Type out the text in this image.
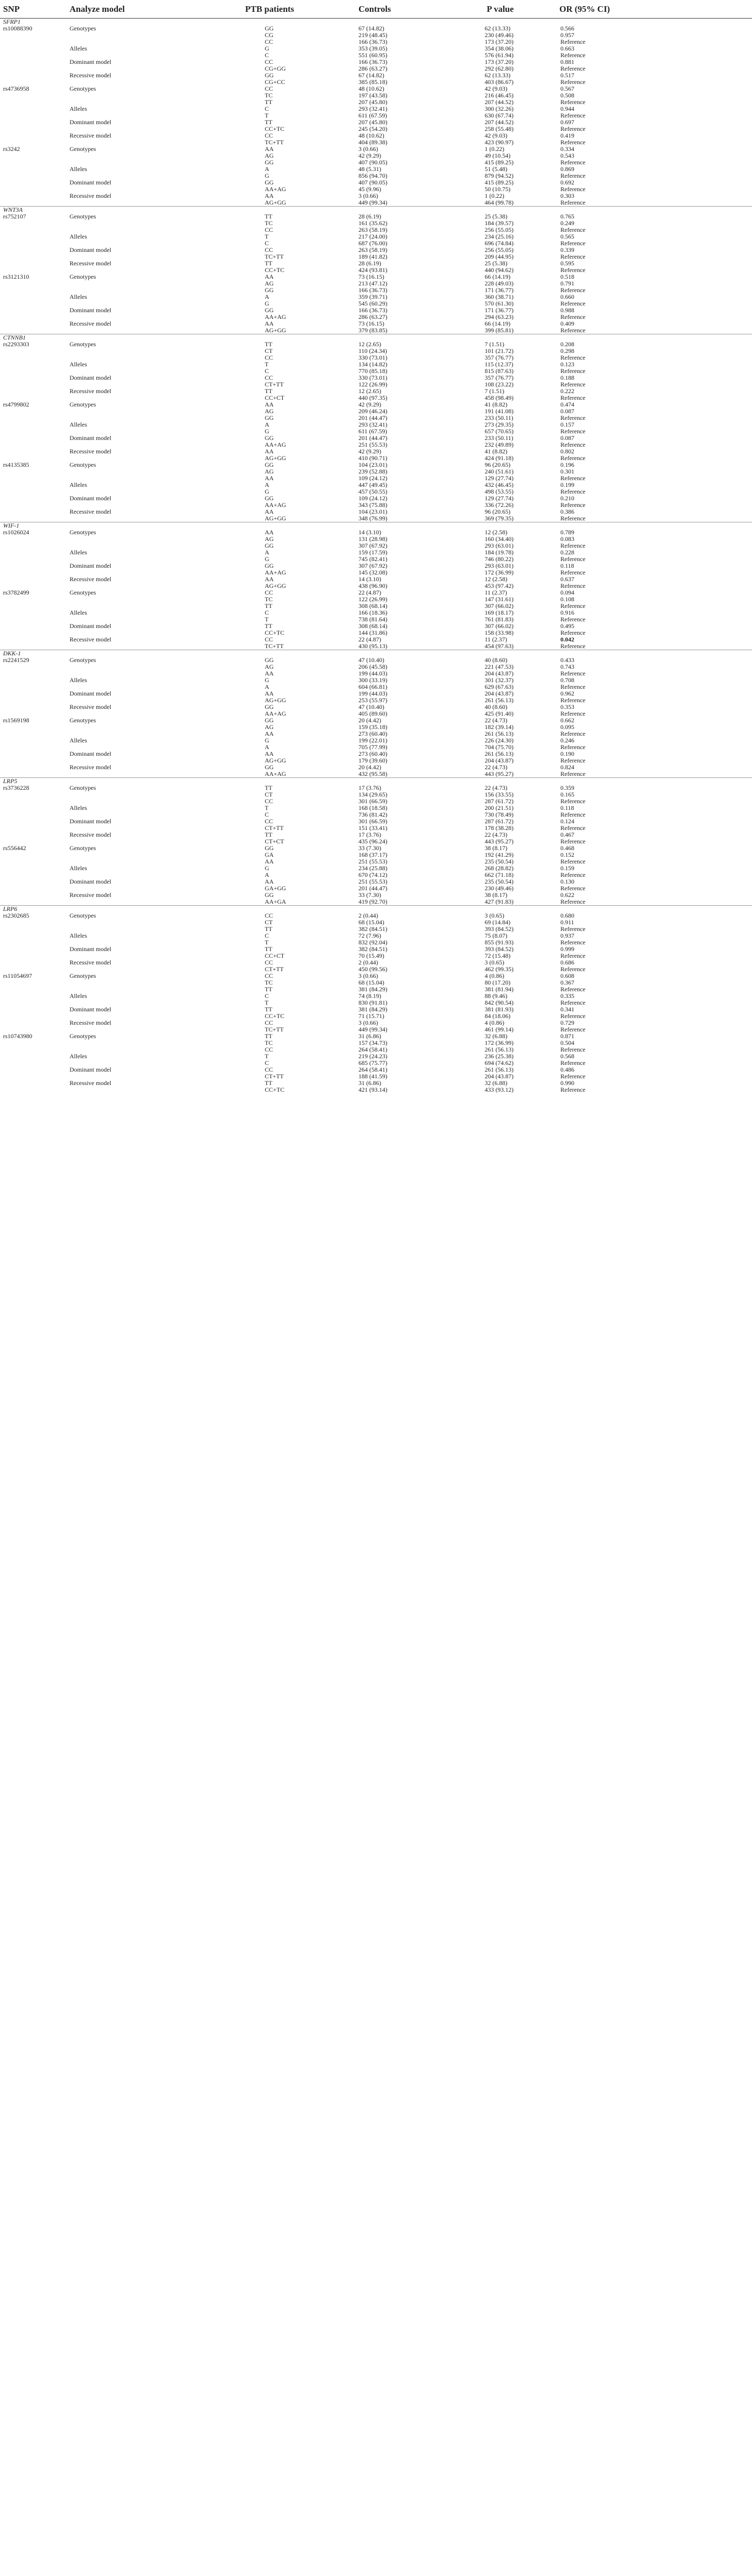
SNP	Analyze model	PTB patients	Controls	P value	OR (95% CI)	
SFRP1						
rs10088390	Genotypes	GG	67 (14.82)	62 (13.33)	0.566	
		CG	219 (48.45)	230 (49.46)	0.957	
		CC	166 (36.73)	173 (37.20)	Reference	
	Alleles	G	353 (39.05)	354 (38.06)	0.663	
		C	551 (60.95)	576 (61.94)	Reference	
	Dominant model	CC	166 (36.73)	173 (37.20)	0.881	
		CG+GG	286 (63.27)	292 (62.80)	Reference	
	Recessive model	GG	67 (14.82)	62 (13.33)	0.517	
		CG+CC	385 (85.18)	403 (86.67)	Reference	
rs4736958	Genotypes	CC	48 (10.62)	42 (9.03)	0.567	
		TC	197 (43.58)	216 (46.45)	0.508	
		TT	207 (45.80)	207 (44.52)	Reference	
	Alleles	C	293 (32.41)	300 (32.26)	0.944	
		T	611 (67.59)	630 (67.74)	Reference	
	Dominant model	TT	207 (45.80)	207 (44.52)	0.697	
		CC+TC	245 (54.20)	258 (55.48)	Reference	
	Recessive model	CC	48 (10.62)	42 (9.03)	0.419	
		TC+TT	404 (89.38)	423 (90.97)	Reference	
rs3242	Genotypes	AA	3 (0.66)	1 (0.22)	0.334	
		AG	42 (9.29)	49 (10.54)	0.543	
		GG	407 (90.05)	415 (89.25)	Reference	
	Alleles	A	48 (5.31)	51 (5.48)	0.869	
		G	856 (94.70)	879 (94.52)	Reference	
	Dominant model	GG	407 (90.05)	415 (89.25)	0.692	
		AA+AG	45 (9.96)	50 (10.75)	Reference	
	Recessive model	AA	3 (0.66)	1 (0.22)	0.303	
		AG+GG	449 (99.34)	464 (99.78)	Reference	
WNT3A						
rs752107	Genotypes	TT	28 (6.19)	25 (5.38)	0.765	
		TC	161 (35.62)	184 (39.57)	0.249	
		CC	263 (58.19)	256 (55.05)	Reference	
	Alleles	T	217 (24.00)	234 (25.16)	0.565	
		C	687 (76.00)	696 (74.84)	Reference	
	Dominant model	CC	263 (58.19)	256 (55.05)	0.339	
		TC+TT	189 (41.82)	209 (44.95)	Reference	
	Recessive model	TT	28 (6.19)	25 (5.38)	0.595	
		CC+TC	424 (93.81)	440 (94.62)	Reference	
rs3121310	Genotypes	AA	73 (16.15)	66 (14.19)	0.518	
		AG	213 (47.12)	228 (49.03)	0.791	
		GG	166 (36.73)	171 (36.77)	Reference	
	Alleles	A	359 (39.71)	360 (38.71)	0.660	
		G	545 (60.29)	570 (61.30)	Reference	
	Dominant model	GG	166 (36.73)	171 (36.77)	0.988	
		AA+AG	286 (63.27)	294 (63.23)	Reference	
	Recessive model	AA	73 (16.15)	66 (14.19)	0.409	
		AG+GG	379 (83.85)	399 (85.81)	Reference	
CTNNB1						
rs2293303	Genotypes	TT	12 (2.65)	7 (1.51)	0.208	
		CT	110 (24.34)	101 (21.72)	0.298	
		CC	330 (73.01)	357 (76.77)	Reference	
	Alleles	T	134 (14.82)	115 (12.37)	0.123	
		C	770 (85.18)	815 (87.63)	Reference	
	Dominant model	CC	330 (73.01)	357 (76.77)	0.188	
		CT+TT	122 (26.99)	108 (23.22)	Reference	
	Recessive model	TT	12 (2.65)	7 (1.51)	0.222	
		CC+CT	440 (97.35)	458 (98.49)	Reference	
rs4799802	Genotypes	AA	42 (9.29)	41 (8.82)	0.474	
		AG	209 (46.24)	191 (41.08)	0.087	
		GG	201 (44.47)	233 (50.11)	Reference	
	Alleles	A	293 (32.41)	273 (29.35)	0.157	
		G	611 (67.59)	657 (70.65)	Reference	
	Dominant model	GG	201 (44.47)	233 (50.11)	0.087	
		AA+AG	251 (55.53)	232 (49.89)	Reference	
	Recessive model	AA	42 (9.29)	41 (8.82)	0.802	
		AG+GG	410 (90.71)	424 (91.18)	Reference	
rs4135385	Genotypes	GG	104 (23.01)	96 (20.65)	0.196	
		AG	239 (52.88)	240 (51.61)	0.301	
		AA	109 (24.12)	129 (27.74)	Reference	
	Alleles	A	447 (49.45)	432 (46.45)	0.199	
		G	457 (50.55)	498 (53.55)	Reference	
	Dominant model	GG	109 (24.12)	129 (27.74)	0.210	
		AA+AG	343 (75.88)	336 (72.26)	Reference	
	Recessive model	AA	104 (23.01)	96 (20.65)	0.386	
		AG+GG	348 (76.99)	369 (79.35)	Reference	
WIF-1						
rs1026024	Genotypes	AA	14 (3.10)	12 (2.58)	0.789	
		AG	131 (28.98)	160 (34.40)	0.083	
		GG	307 (67.92)	293 (63.01)	Reference	
	Alleles	A	159 (17.59)	184 (19.78)	0.228	
		G	745 (82.41)	746 (80.22)	Reference	
	Dominant model	GG	307 (67.92)	293 (63.01)	0.118	
		AA+AG	145 (32.08)	172 (36.99)	Reference	
	Recessive model	AA	14 (3.10)	12 (2.58)	0.637	
		AG+GG	438 (96.90)	453 (97.42)	Reference	
rs3782499	Genotypes	CC	22 (4.87)	11 (2.37)	0.094	
		TC	122 (26.99)	147 (31.61)	0.108	
		TT	308 (68.14)	307 (66.02)	Reference	
	Alleles	C	166 (18.36)	169 (18.17)	0.916	
		T	738 (81.64)	761 (81.83)	Reference	
	Dominant model	TT	308 (68.14)	307 (66.02)	0.495	
		CC+TC	144 (31.86)	158 (33.98)	Reference	
	Recessive model	CC	22 (4.87)	11 (2.37)	0.042	
		TC+TT	430 (95.13)	454 (97.63)	Reference	
DKK-1						
rs2241529	Genotypes	GG	47 (10.40)	40 (8.60)	0.433	
		AG	206 (45.58)	221 (47.53)	0.743	
		AA	199 (44.03)	204 (43.87)	Reference	
	Alleles	G	300 (33.19)	301 (32.37)	0.708	
		A	604 (66.81)	629 (67.63)	Reference	
	Dominant model	AA	199 (44.03)	204 (43.87)	0.962	
		AG+GG	253 (55.97)	261 (56.13)	Reference	
	Recessive model	GG	47 (10.40)	40 (8.60)	0.353	
		AA+AG	405 (89.60)	425 (91.40)	Reference	
rs1569198	Genotypes	GG	20 (4.42)	22 (4.73)	0.662	
		AG	159 (35.18)	182 (39.14)	0.095	
		AA	273 (60.40)	261 (56.13)	Reference	
	Alleles	G	199 (22.01)	226 (24.30)	0.246	
		A	705 (77.99)	704 (75.70)	Reference	
	Dominant model	AA	273 (60.40)	261 (56.13)	0.190	
		AG+GG	179 (39.60)	204 (43.87)	Reference	
	Recessive model	GG	20 (4.42)	22 (4.73)	0.824	
		AA+AG	432 (95.58)	443 (95.27)	Reference	
LRP5						
rs3736228	Genotypes	TT	17 (3.76)	22 (4.73)	0.359	
		CT	134 (29.65)	156 (33.55)	0.165	
		CC	301 (66.59)	287 (61.72)	Reference	
	Alleles	T	168 (18.58)	200 (21.51)	0.118	
		C	736 (81.42)	730 (78.49)	Reference	
	Dominant model	CC	301 (66.59)	287 (61.72)	0.124	
		CT+TT	151 (33.41)	178 (38.28)	Reference	
	Recessive model	TT	17 (3.76)	22 (4.73)	0.467	
		CT+CT	435 (96.24)	443 (95.27)	Reference	
rs556442	Genotypes	GG	33 (7.30)	38 (8.17)	0.468	
		GA	168 (37.17)	192 (41.29)	0.152	
		AA	251 (55.53)	235 (50.54)	Reference	
	Alleles	G	234 (25.88)	268 (28.82)	0.159	
		A	670 (74.12)	662 (71.18)	Reference	
	Dominant model	AA	251 (55.53)	235 (50.54)	0.130	
		GA+GG	201 (44.47)	230 (49.46)	Reference	
	Recessive model	GG	33 (7.30)	38 (8.17)	0.622	
		AA+GA	419 (92.70)	427 (91.83)	Reference	
LRP6						
rs2302685	Genotypes	CC	2 (0.44)	3 (0.65)	0.680	
		CT	68 (15.04)	69 (14.84)	0.911	
		TT	382 (84.51)	393 (84.52)	Reference	
	Alleles	C	72 (7.96)	75 (8.07)	0.937	
		T	832 (92.04)	855 (91.93)	Reference	
	Dominant model	TT	382 (84.51)	393 (84.52)	0.999	
		CC+CT	70 (15.49)	72 (15.48)	Reference	
	Recessive model	CC	2 (0.44)	3 (0.65)	0.686	
		CT+TT	450 (99.56)	462 (99.35)	Reference	
rs11054697	Genotypes	CC	3 (0.66)	4 (0.86)	0.608	
		TC	68 (15.04)	80 (17.20)	0.367	
		TT	381 (84.29)	381 (81.94)	Reference	
	Alleles	C	74 (8.19)	88 (9.46)	0.335	
		T	830 (91.81)	842 (90.54)	Reference	
	Dominant model	TT	381 (84.29)	381 (81.93)	0.341	
		CC+TC	71 (15.71)	84 (18.06)	Reference	
	Recessive model	CC	3 (0.66)	4 (0.86)	0.729	
		TC+TT	449 (99.34)	461 (99.14)	Reference	
rs10743980	Genotypes	TT	31 (6.86)	32 (6.88)	0.871	
		TC	157 (34.73)	172 (36.99)	0.504	
		CC	264 (58.41)	261 (56.13)	Reference	
	Alleles	T	219 (24.23)	236 (25.38)	0.568	
		C	685 (75.77)	694 (74.62)	Reference	
	Dominant model	CC	264 (58.41)	261 (56.13)	0.486	
		CT+TT	188 (41.59)	204 (43.87)	Reference	
	Recessive model	TT	31 (6.86)	32 (6.88)	0.990	
		CC+TC	421 (93.14)	433 (93.12)	Reference	
